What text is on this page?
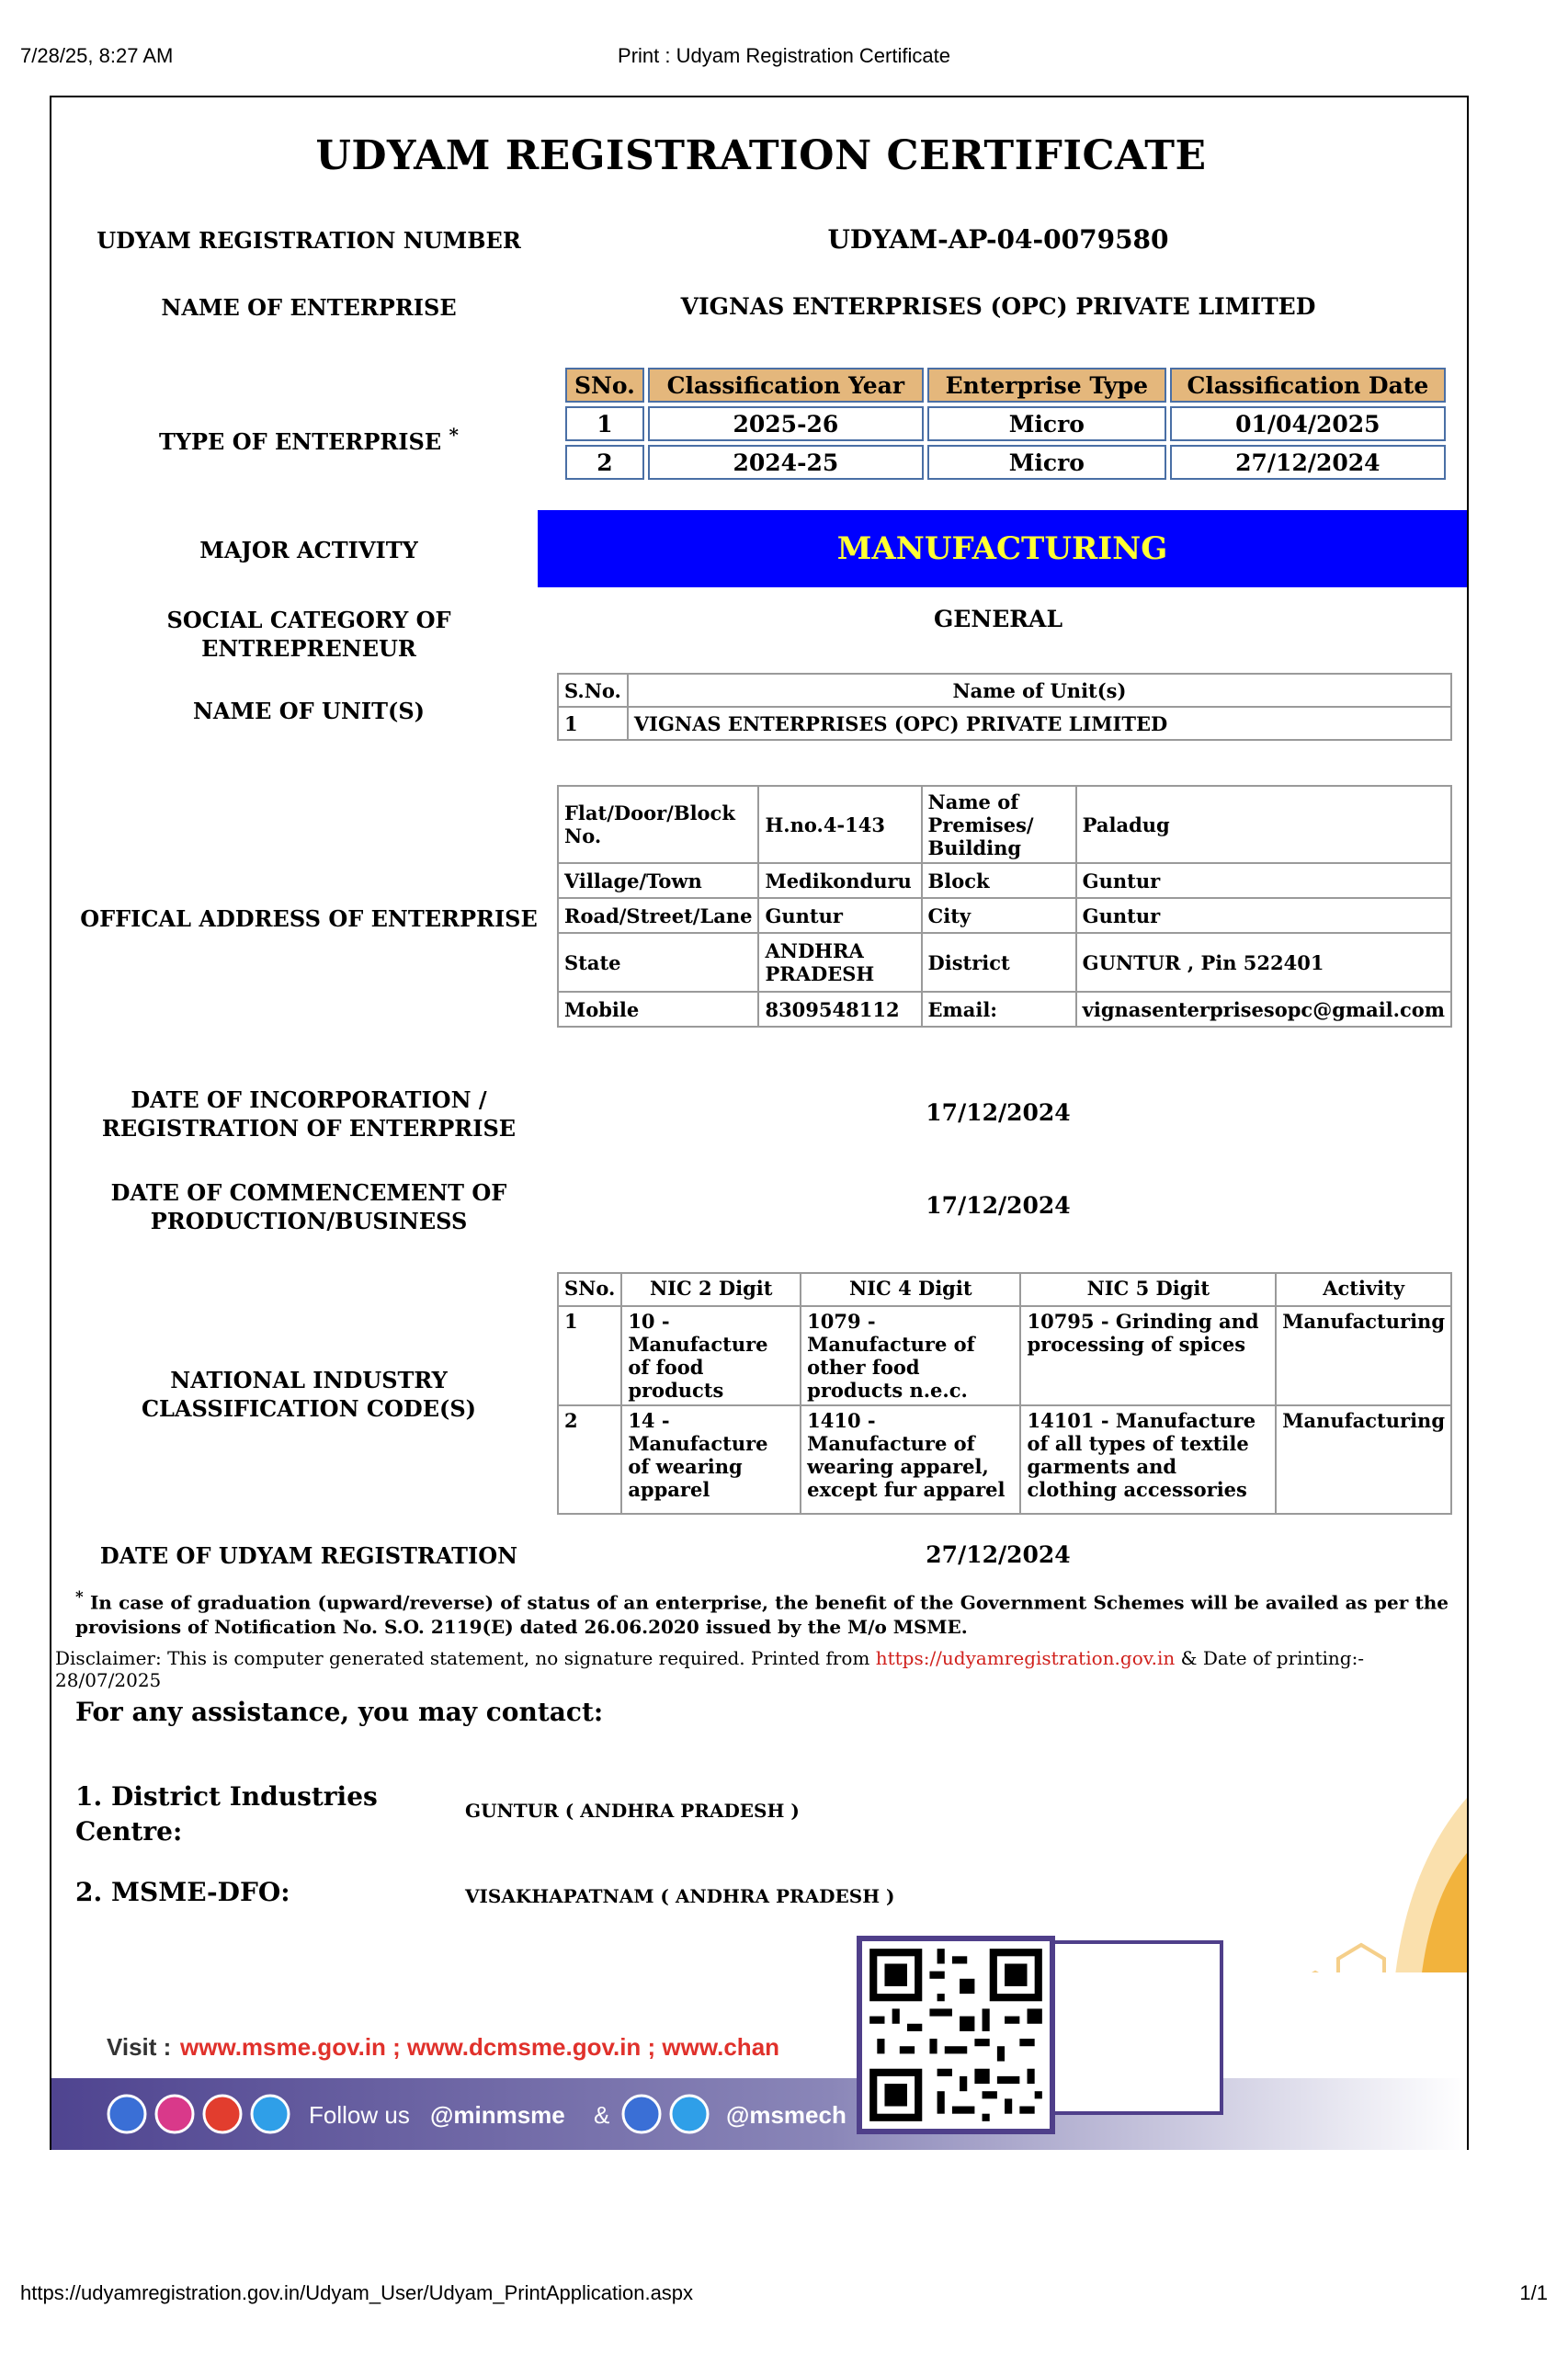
7/28/25, 8:27 AM	Print : Udyam Registration Certificate
UDYAM REGISTRATION CERTIFICATE
UDYAM REGISTRATION NUMBER	UDYAM-AP-04-0079580
NAME OF ENTERPRISE	VIGNAS ENTERPRISES (OPC) PRIVATE LIMITED
TYPE OF ENTERPRISE *
SNo.	Classification Year	Enterprise Type	Classification Date
1	2025-26	Micro	01/04/2025
2	2024-25	Micro	27/12/2024
MAJOR ACTIVITY	MANUFACTURING
SOCIAL CATEGORY OF ENTREPRENEUR
GENERAL
NAME OF UNIT(S)
S.No.	Name of Unit(s)
1	VIGNAS ENTERPRISES (OPC) PRIVATE LIMITED
OFFICAL ADDRESS OF ENTERPRISE
Flat/Door/Block No.	H.no.4-143	Name of Premises/ Building	Paladug
Village/Town	Medikonduru	Block	Guntur
Road/Street/Lane	Guntur	City	Guntur
State	ANDHRA PRADESH	District	GUNTUR , Pin 522401
Mobile	8309548112	Email:	vignasenterprisesopc@gmail.com
DATE OF INCORPORATION / REGISTRATION OF ENTERPRISE
17/12/2024
DATE OF COMMENCEMENT OF PRODUCTION/BUSINESS
17/12/2024
NATIONAL INDUSTRY CLASSIFICATION CODE(S)
SNo.	NIC 2 Digit	NIC 4 Digit	NIC 5 Digit	Activity
1	10 - Manufacture of food products	1079 - Manufacture of other food products n.e.c.	10795 - Grinding and processing of spices	Manufacturing
2	14 - Manufacture of wearing apparel	1410 - Manufacture of wearing apparel, except fur apparel	14101 - Manufacture of all types of textile garments and clothing accessories	Manufacturing
DATE OF UDYAM REGISTRATION	27/12/2024
* In case of graduation (upward/reverse) of status of an enterprise, the benefit of the Government Schemes will be availed as per the provisions of Notification No. S.O. 2119(E) dated 26.06.2020 issued by the M/o MSME.
Disclaimer: This is computer generated statement, no signature required. Printed from https://udyamregistration.gov.in & Date of printing:- 28/07/2025
For any assistance, you may contact:
1. District Industries Centre:
GUNTUR ( ANDHRA PRADESH )
2. MSME-DFO:	VISAKHAPATNAM ( ANDHRA PRADESH )
Visit : www.msme.gov.in ; www.dcmsme.gov.in ; www.chan
Follow us @minmsme &	@msmech
https://udyamregistration.gov.in/Udyam_User/Udyam_PrintApplication.aspx	1/1
